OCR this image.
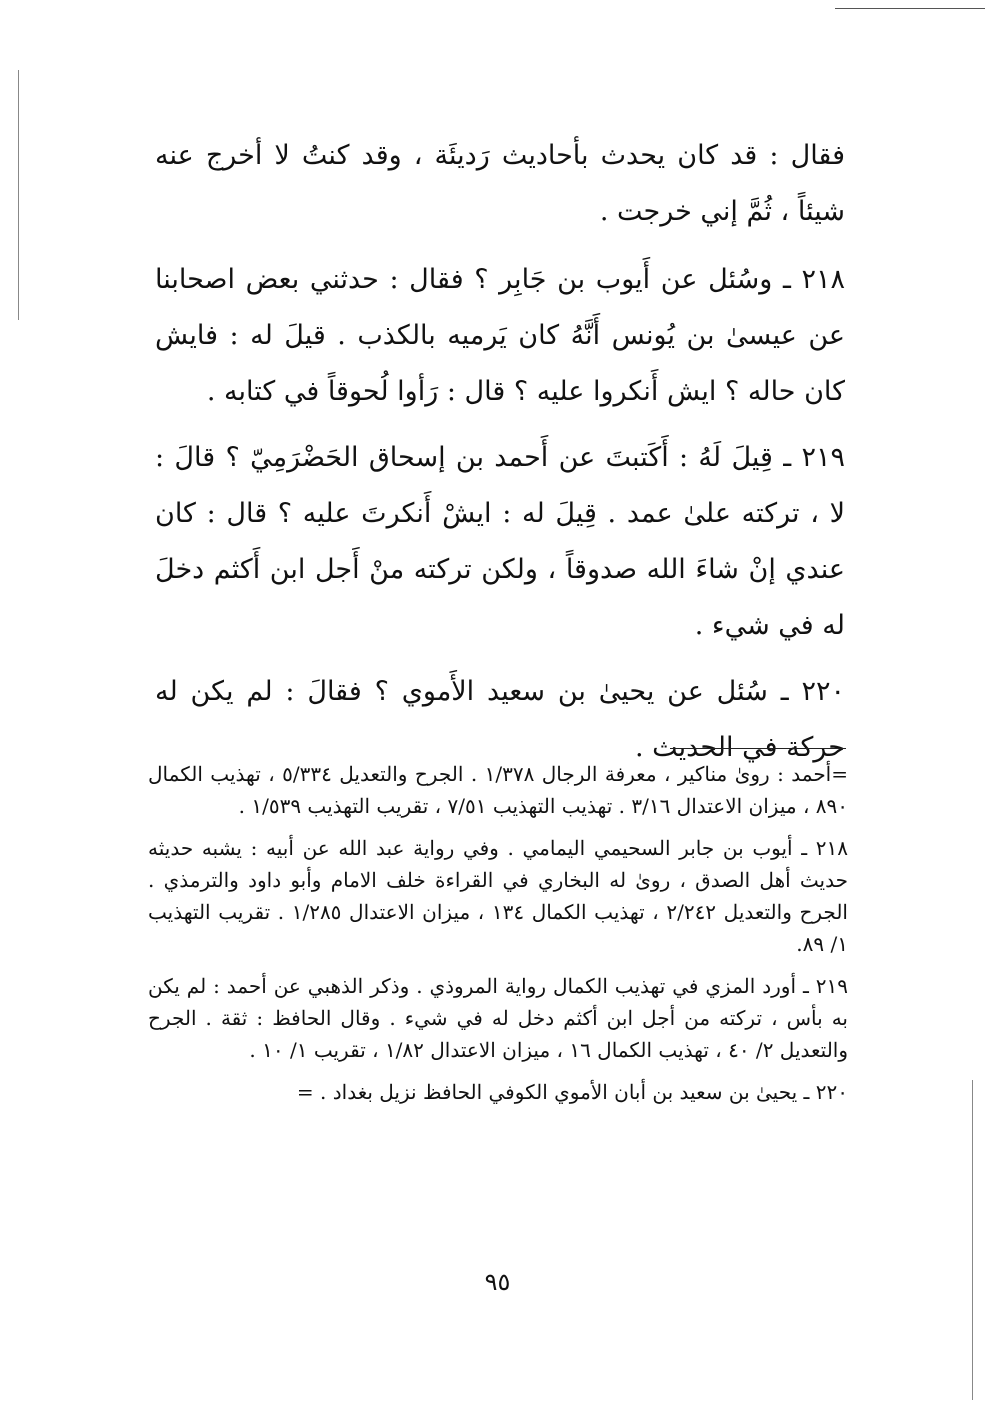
فقال : قد كان يحدث بأحاديث رَديئَة ، وقد كنتُ لا أخرج عنه شيئاً ، ثُمَّ إني خرجت .

٢١٨ ـ وسُئل عن أَيوب بن جَابِر ؟ فقال : حدثني بعض اصحابنا عن عيسىٰ بن يُونس أَنَّهُ كان يَرميه بالكذب . قيلَ له : فايش كان حاله ؟ ايش أَنكروا عليه ؟ قال : رَأوا لُحوقاً في كتابه .

٢١٩ ـ قِيلَ لَهُ : أَكَتبتَ عن أَحمد بن إسحاق الحَضْرَمِيّ ؟ قالَ : لا ، تركته علىٰ عمد . قِيلَ له : ايشْ أَنكرتَ عليه ؟ قال : كان عندي إنْ شاءَ الله صدوقاً ، ولكن تركته منْ أَجل ابن أَكثم دخلَ له في شيء .

٢٢٠ ـ سُئل عن يحيىٰ بن سعيد الأَموي ؟ فقالَ : لم يكن له حركة في الحديث .

=أحمد : روىٰ مناكير ، معرفة الرجال ١/٣٧٨ . الجرح والتعديل ٥/٣٣٤ ، تهذيب الكمال ٨٩٠ ، ميزان الاعتدال ٣/١٦ . تهذيب التهذيب ٧/٥١ ، تقريب التهذيب ١/٥٣٩ .

٢١٨ ـ أيوب بن جابر السحيمي اليمامي . وفي رواية عبد الله عن أبيه : يشبه حديثه حديث أهل الصدق ، روىٰ له البخاري في القراءة خلف الامام وأبو داود والترمذي . الجرح والتعديل ٢/٢٤٢ ، تهذيب الكمال ١٣٤ ، ميزان الاعتدال ١/٢٨٥ . تقريب التهذيب ١/ ٨٩.

٢١٩ ـ أورد المزي في تهذيب الكمال رواية المروذي . وذكر الذهبي عن أحمد : لم يكن به بأس ، تركته من أجل ابن أكثم دخل له في شيء . وقال الحافظ : ثقة . الجرح والتعديل ٢/ ٤٠ ، تهذيب الكمال ١٦ ، ميزان الاعتدال ١/٨٢ ، تقريب ١/ ١٠ .

٢٢٠ ـ يحيىٰ بن سعيد بن أبان الأموي الكوفي الحافظ نزيل بغداد . =

٩٥
